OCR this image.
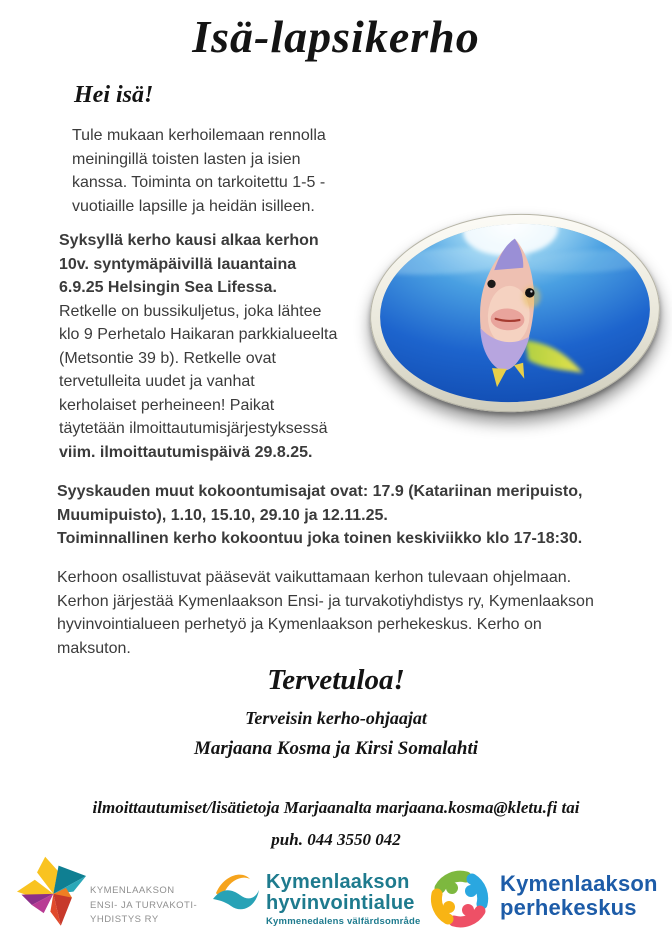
Isä-lapsikerho
Hei isä!
Tule mukaan kerhoilemaan rennolla
meiningillä toisten lasten ja isien
kanssa. Toiminta on tarkoitettu 1-5 -
vuotiaille lapsille ja heidän isilleen.
Syksyllä kerho kausi alkaa kerhon
10v. syntymäpäivillä lauantaina
6.9.25 Helsingin Sea Lifessa.
Retkelle on bussikuljetus, joka lähtee
klo 9 Perhetalo Haikaran parkkialueelta
(Metsontie 39 b). Retkelle ovat
tervetulleita uudet ja vanhat
kerholaiset perheineen! Paikat
täytetään ilmoittautumisjärjestyksessä
viim. ilmoittautumispäivä 29.8.25.
Syyskauden muut kokoontumisajat ovat: 17.9 (Katariinan meripuisto,
Muumipuisto), 1.10, 15.10, 29.10 ja 12.11.25.
Toiminnallinen kerho kokoontuu joka toinen keskiviikko klo 17-18:30.
Kerhoon osallistuvat pääsevät vaikuttamaan kerhon tulevaan ohjelmaan.
Kerhon järjestää Kymenlaakson Ensi- ja turvakotiyhdistys ry, Kymenlaakson
hyvinvointialueen perhetyö ja Kymenlaakson perhekeskus. Kerho on
maksuton.
Tervetuloa!
Terveisin kerho-ohjaajat
Marjaana Kosma ja Kirsi Somalahti
ilmoittautumiset/lisätietoja Marjaanalta marjaana.kosma@kletu.fi tai
puh. 044 3550 042
KYMENLAAKSON
ENSI- JA TURVAKOTI-
YHDISTYS RY
Kymenlaakson
hyvinvointialue
Kymmenedalens välfärdsområde
Kymenlaakson
perhekeskus
